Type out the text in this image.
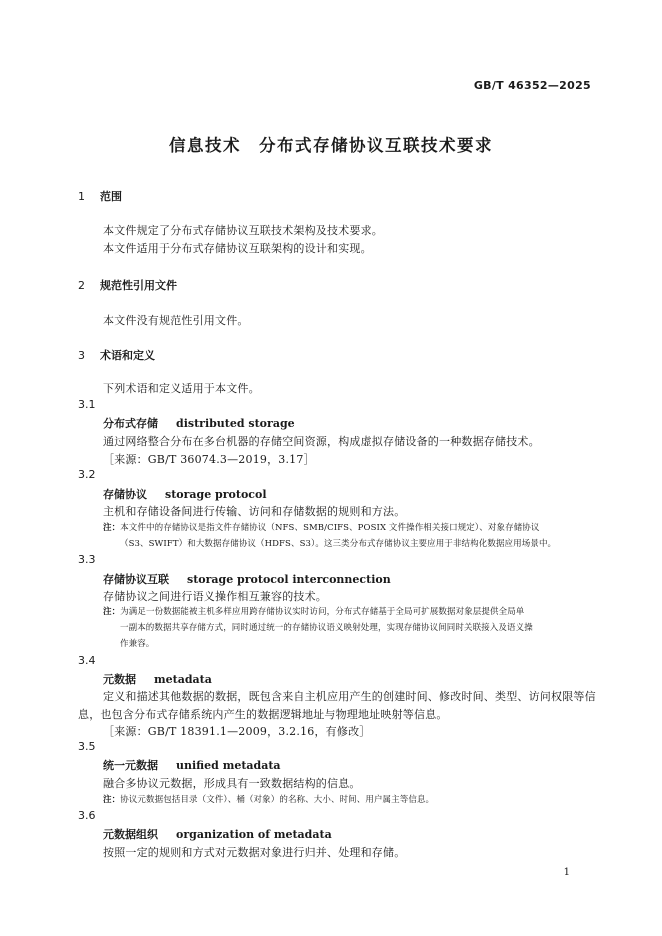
GB/T 46352—2025
信息技术　分布式存储协议互联技术要求
1 范围
本文件规定了分布式存储协议互联技术架构及技术要求。
本文件适用于分布式存储协议互联架构的设计和实现。
2 规范性引用文件
本文件没有规范性引用文件。
3 术语和定义
下列术语和定义适用于本文件。
3.1
分布式存储 distributed storage
通过网络整合分布在多台机器的存储空间资源，构成虚拟存储设备的一种数据存储技术。
［来源：GB/T 36074.3—2019，3.17］
3.2
存储协议 storage protocol
主机和存储设备间进行传输、访问和存储数据的规则和方法。
注：本文件中的存储协议是指文件存储协议（NFS、SMB/CIFS、POSIX 文件操作相关接口规定）、对象存储协议
（S3、SWIFT）和大数据存储协议（HDFS、S3）。这三类分布式存储协议主要应用于非结构化数据应用场景中。
3.3
存储协议互联 storage protocol interconnection
存储协议之间进行语义操作相互兼容的技术。
注：为满足一份数据能被主机多样应用跨存储协议实时访问，分布式存储基于全局可扩展数据对象层提供全局单
一副本的数据共享存储方式，同时通过统一的存储协议语义映射处理，实现存储协议间同时关联接入及语义操
作兼容。
3.4
元数据 metadata
定义和描述其他数据的数据，既包含来自主机应用产生的创建时间、修改时间、类型、访问权限等信
息，也包含分布式存储系统内产生的数据逻辑地址与物理地址映射等信息。
［来源：GB/T 18391.1—2009，3.2.16，有修改］
3.5
统一元数据 unified metadata
融合多协议元数据，形成具有一致数据结构的信息。
注：协议元数据包括目录（文件）、桶（对象）的名称、大小、时间、用户属主等信息。
3.6
元数据组织 organization of metadata
按照一定的规则和方式对元数据对象进行归并、处理和存储。
1
